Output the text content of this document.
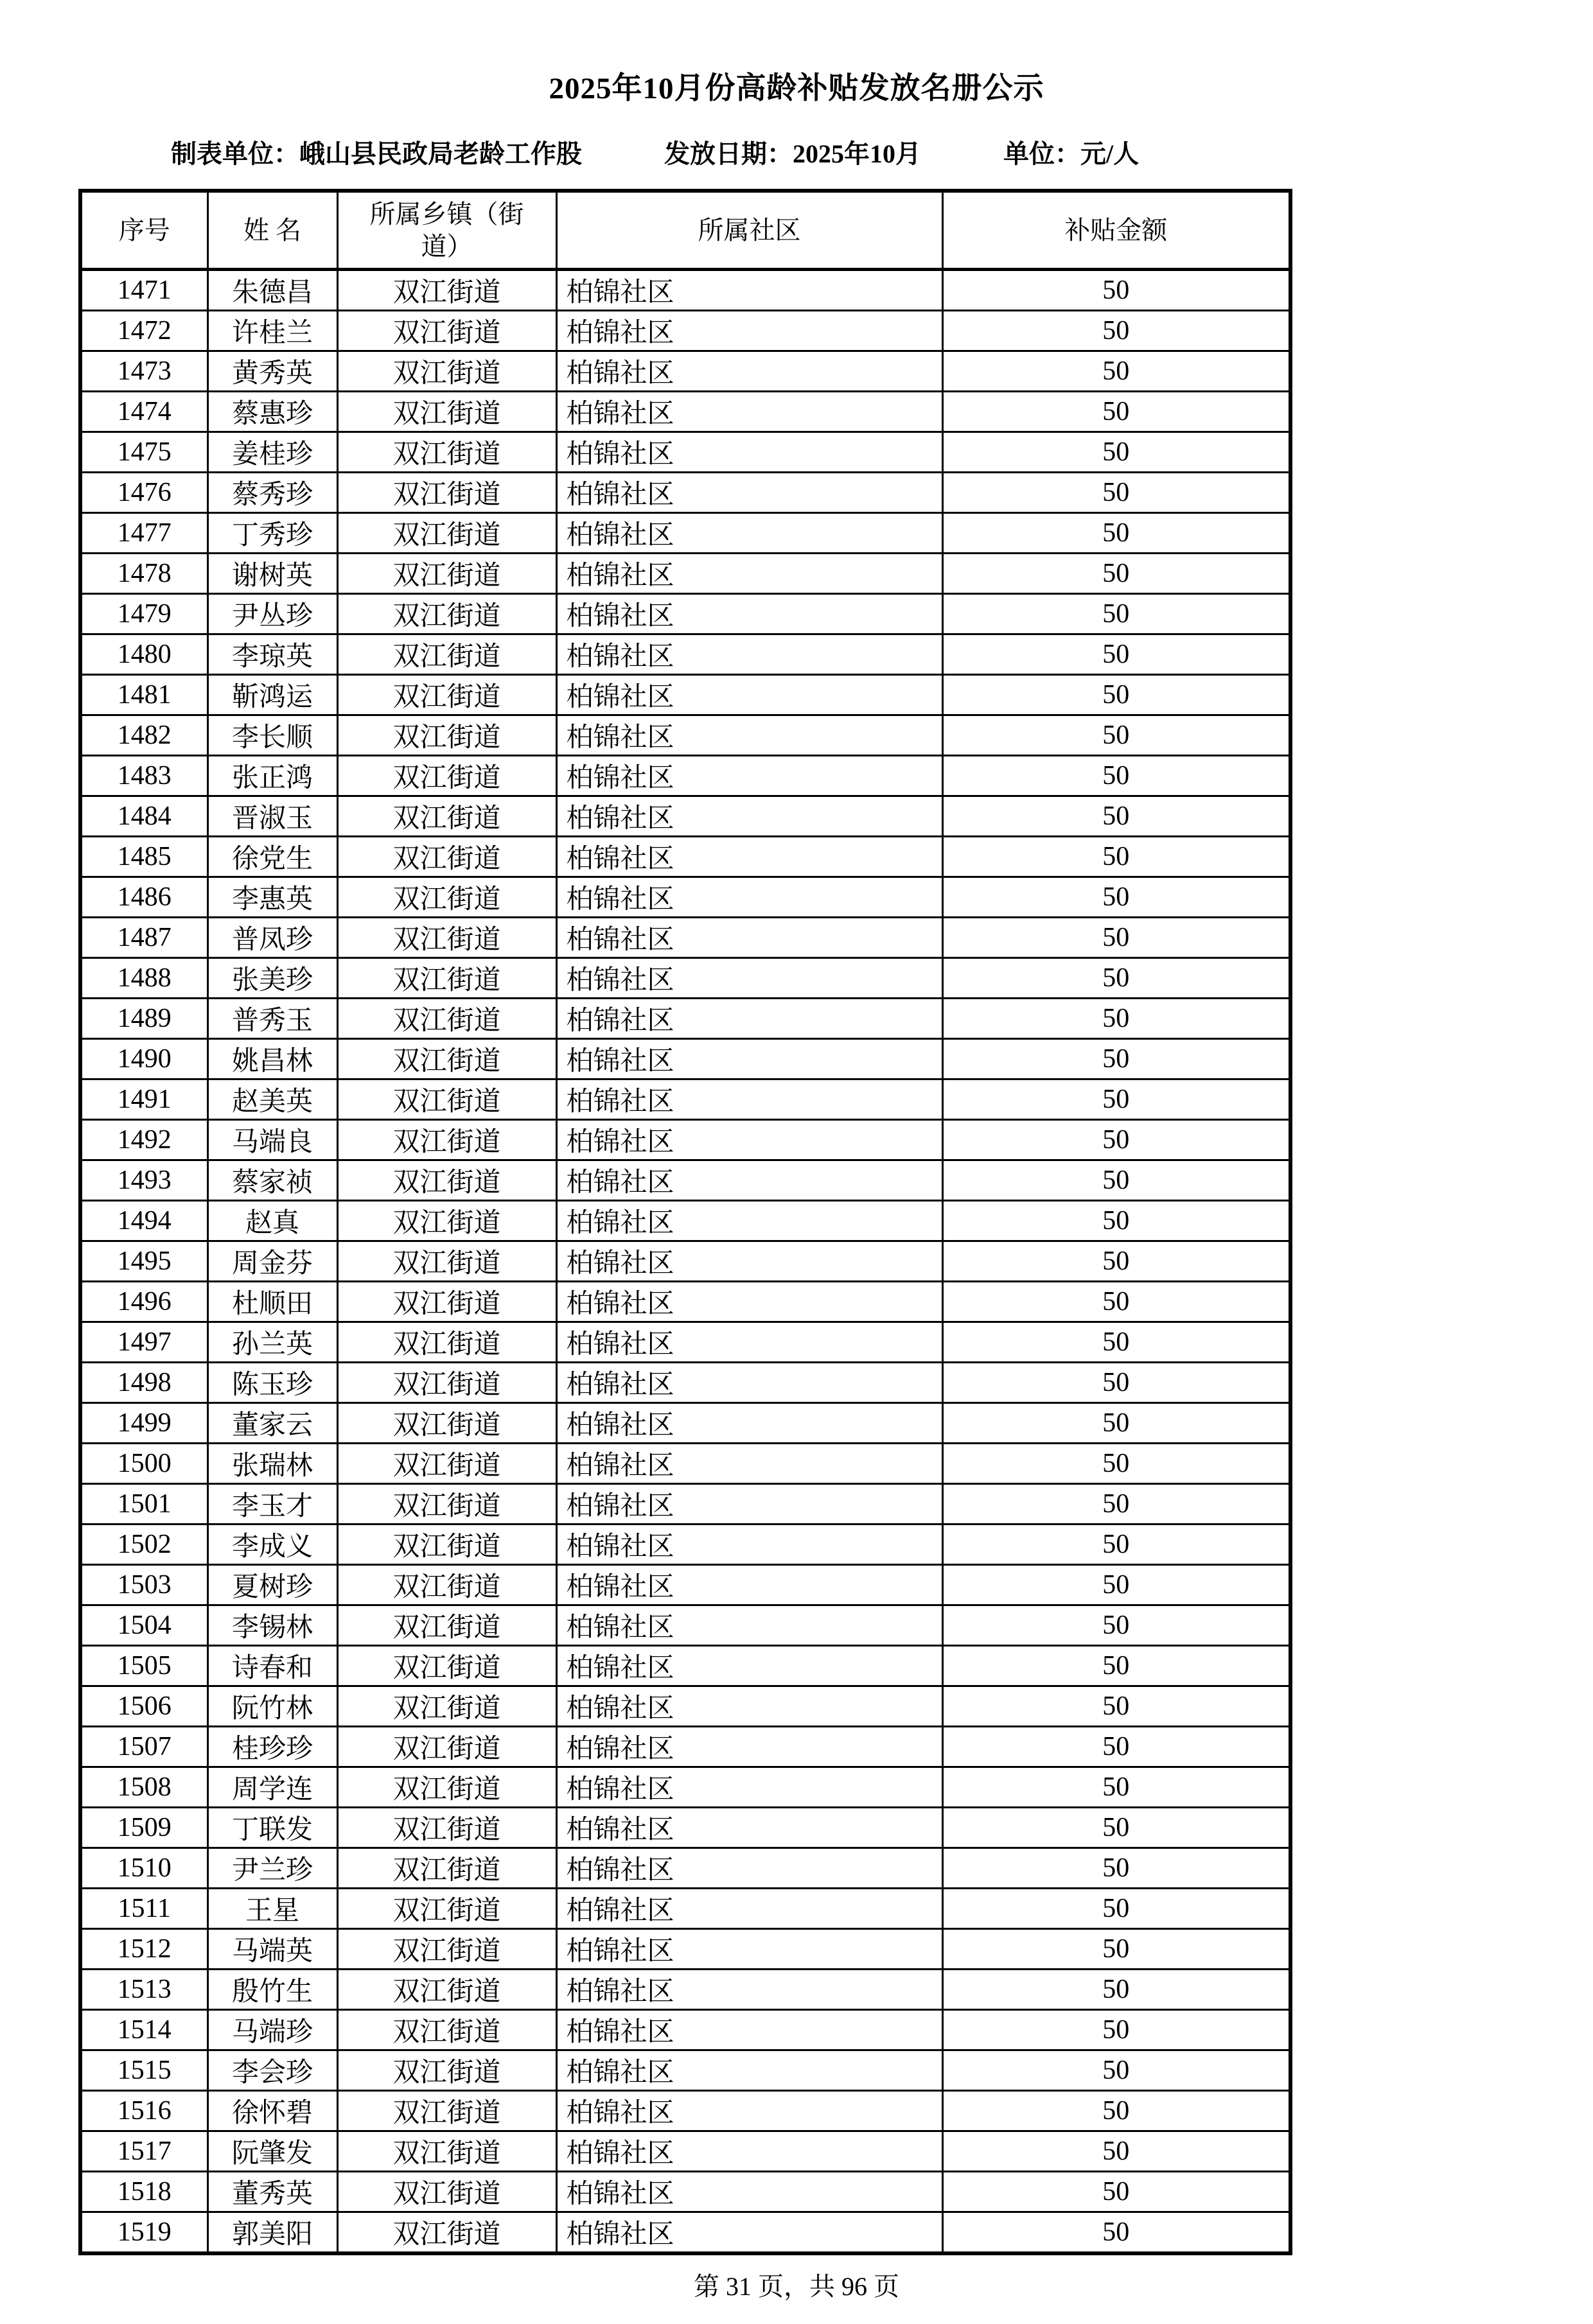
2025年10月份高龄补贴发放名册公示
制表单位：峨山县民政局老龄工作股	发放日期：2025年10月	单位：元/人
序号	姓 名	所属乡镇（街道）	所属社区	补贴金额
1471	朱德昌	双江街道	柏锦社区	50
1472	许桂兰	双江街道	柏锦社区	50
1473	黄秀英	双江街道	柏锦社区	50
1474	蔡惠珍	双江街道	柏锦社区	50
1475	姜桂珍	双江街道	柏锦社区	50
1476	蔡秀珍	双江街道	柏锦社区	50
1477	丁秀珍	双江街道	柏锦社区	50
1478	谢树英	双江街道	柏锦社区	50
1479	尹丛珍	双江街道	柏锦社区	50
1480	李琼英	双江街道	柏锦社区	50
1481	靳鸿运	双江街道	柏锦社区	50
1482	李长顺	双江街道	柏锦社区	50
1483	张正鸿	双江街道	柏锦社区	50
1484	晋淑玉	双江街道	柏锦社区	50
1485	徐党生	双江街道	柏锦社区	50
1486	李惠英	双江街道	柏锦社区	50
1487	普凤珍	双江街道	柏锦社区	50
1488	张美珍	双江街道	柏锦社区	50
1489	普秀玉	双江街道	柏锦社区	50
1490	姚昌林	双江街道	柏锦社区	50
1491	赵美英	双江街道	柏锦社区	50
1492	马端良	双江街道	柏锦社区	50
1493	蔡家祯	双江街道	柏锦社区	50
1494	赵真	双江街道	柏锦社区	50
1495	周金芬	双江街道	柏锦社区	50
1496	杜顺田	双江街道	柏锦社区	50
1497	孙兰英	双江街道	柏锦社区	50
1498	陈玉珍	双江街道	柏锦社区	50
1499	董家云	双江街道	柏锦社区	50
1500	张瑞林	双江街道	柏锦社区	50
1501	李玉才	双江街道	柏锦社区	50
1502	李成义	双江街道	柏锦社区	50
1503	夏树珍	双江街道	柏锦社区	50
1504	李锡林	双江街道	柏锦社区	50
1505	诗春和	双江街道	柏锦社区	50
1506	阮竹林	双江街道	柏锦社区	50
1507	桂珍珍	双江街道	柏锦社区	50
1508	周学连	双江街道	柏锦社区	50
1509	丁联发	双江街道	柏锦社区	50
1510	尹兰珍	双江街道	柏锦社区	50
1511	王星	双江街道	柏锦社区	50
1512	马端英	双江街道	柏锦社区	50
1513	殷竹生	双江街道	柏锦社区	50
1514	马端珍	双江街道	柏锦社区	50
1515	李会珍	双江街道	柏锦社区	50
1516	徐怀碧	双江街道	柏锦社区	50
1517	阮肇发	双江街道	柏锦社区	50
1518	董秀英	双江街道	柏锦社区	50
1519	郭美阳	双江街道	柏锦社区	50
第 31 页，共 96 页
